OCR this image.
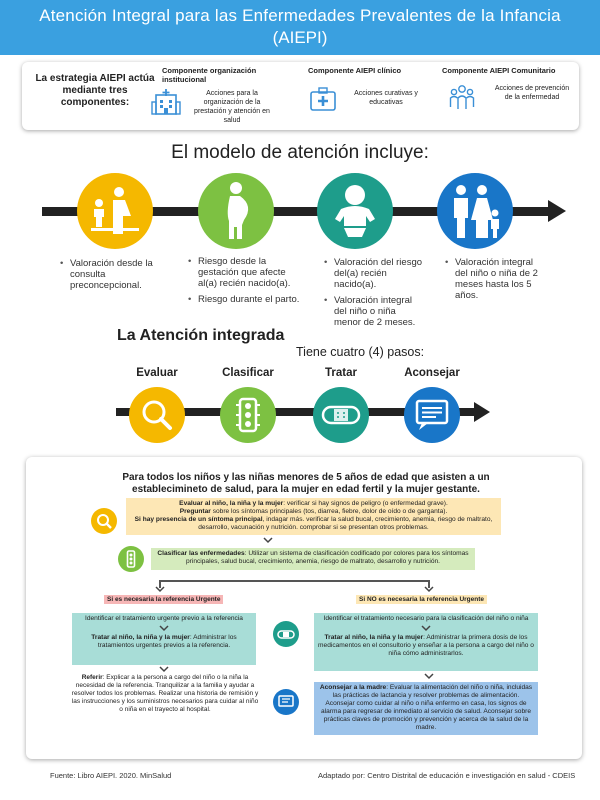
Atención Integral para las Enfermedades Prevalentes de la Infancia
(AIEPI)
La estrategia AIEPI actúa mediante tres componentes:
Componente organización institucional
Acciones para la organización de la prestación y atención en salud
Componente AIEPI clínico
Acciones curativas y educativas
Componente AIEPI Comunitario
Acciones de prevención de la enfermedad
El modelo de atención incluye:
• Valoración desde la consulta preconcepcional.
• Riesgo desde la gestación que afecte al(a) recién nacido(a).
• Riesgo durante el parto.
• Valoración del riesgo del(a) recién nacido(a).
• Valoración integral del niño o niña menor de 2 meses.
• Valoración integral del niño o niña de 2 meses hasta los 5 años.
La Atención integrada
Tiene cuatro (4) pasos:
Evaluar	Clasificar	Tratar	Aconsejar
Para todos los niños y las niñas menores de 5 años de edad que asisten a un establecimineto de salud, para la mujer en edad fertil y la mujer gestante.
Evaluar al niño, la niña y la mujer: verificar si hay signos de peligro (o enfermedad grave).
Preguntar sobre los síntomas principales (tos, diarrea, fiebre, dolor de oído o de garganta).
Si hay presencia de un síntoma principal, indagar más. verificar la salud bucal, crecimiento, anemia, riesgo de maltrato, desarrollo, vacunación y nutrición. comprobar si se presentan otros problemas.
Clasificar las enfermedades: Utilizar un sistema de clasificación codificado por colores para los síntomas principales, salud bucal, crecimiento, anemia, riesgo de maltrato, desarrollo y nutrición.
Si es necesaria la referencia Urgente	Si NO es necesaria la referencia Urgente
Identificar el tratamiento urgente previo a la referencia
Tratar al niño, la niña y la mujer: Administrar los tratamientos urgentes previos a la referencia.
Referir: Explicar a la persona a cargo del niño o la niña la necesidad de la referencia. Tranquilizar a la familia y ayudar a resolver todos los problemas. Realizar una historia de remisión y las instrucciones y los suministros necesarios para cuidar al niño o niña en el trayecto al hospital.
Identificar el tratamiento necesario para la clasificación del niño o niña
Tratar al niño, la niña y la mujer: Administrar la primera dosis de los medicamentos en el consultorio y enseñar a la persona a cargo del niño o niña cómo administrarlos.
Aconsejar a la madre: Evaluar la alimentación del niño o niña, incluidas las prácticas de lactancia y resolver problemas de alimentación. Aconsejar como cuidar al niño o niña enfermo en casa, los signos de alarma para regresar de inmediato al servicio de salud. Aconsejar sobre prácticas claves de promoción y prevención y acerca de la salud de la madre.
Fuente: Libro AIEPI. 2020. MinSalud	Adaptado por: Centro Distrital de educación e investigación en salud - CDEIS
